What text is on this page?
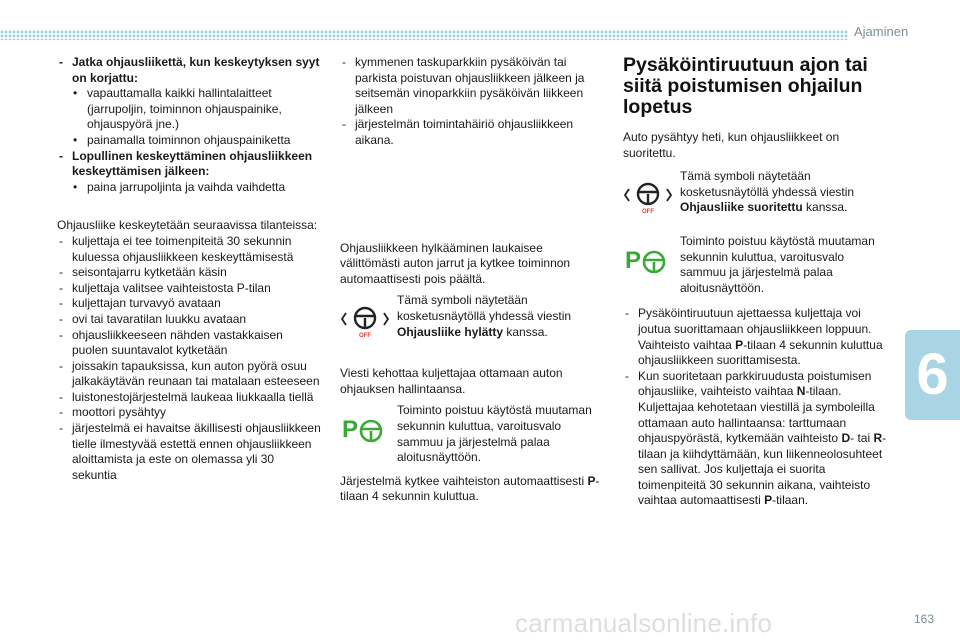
Ajaminen
6
- Jatka ohjausliikettä, kun keskeytyksen syyt on korjattu:
• vapauttamalla kaikki hallintalaitteet (jarrupoljin, toiminnon ohjauspainike, ohjauspyörä jne.)
• painamalla toiminnon ohjauspainiketta
- Lopullinen keskeyttäminen ohjausliikkeen keskeyttämisen jälkeen:
• paina jarrupoljinta ja vaihda vaihdetta
Ohjausliike keskeytetään seuraavissa tilanteissa:
- kuljettaja ei tee toimenpiteitä 30 sekunnin kuluessa ohjausliikkeen keskeyttämisestä
- seisontajarru kytketään käsin
- kuljettaja valitsee vaihteistosta P-tilan
- kuljettajan turvavyö avataan
- ovi tai tavaratilan luukku avataan
- ohjausliikkeeseen nähden vastakkaisen puolen suuntavalot kytketään
- joissakin tapauksissa, kun auton pyörä osuu jalkakäytävän reunaan tai matalaan esteeseen
- luistonestojärjestelmä laukeaa liukkaalla tiellä
- moottori pysähtyy
- järjestelmä ei havaitse äkillisesti ohjausliikkeen tielle ilmestyvää estettä ennen ohjausliikkeen aloittamista ja este on olemassa yli 30 sekuntia
- kymmenen taskuparkkiin pysäköivän tai parkista poistuvan ohjausliikkeen jälkeen ja seitsemän vinoparkkiin pysäköivän liikkeen jälkeen
- järjestelmän toimintahäiriö ohjausliikkeen aikana.
Ohjausliikkeen hylkääminen laukaisee välittömästi auton jarrut ja kytkee toiminnon automaattisesti pois päältä.
OFF
Tämä symboli näytetään kosketusnäytöllä yhdessä viestin Ohjausliike hylätty kanssa.
Viesti kehottaa kuljettajaa ottamaan auton ohjauksen hallintaansa.
P
Toiminto poistuu käytöstä muutaman sekunnin kuluttua, varoitusvalo sammuu ja järjestelmä palaa aloitusnäyttöön.
Järjestelmä kytkee vaihteiston automaattisesti P-tilaan 4 sekunnin kuluttua.
Pysäköintiruutuun ajon tai siitä poistumisen ohjailun lopetus
Auto pysähtyy heti, kun ohjausliikkeet on suoritettu.
OFF
Tämä symboli näytetään kosketusnäytöllä yhdessä viestin Ohjausliike suoritettu kanssa.
P
Toiminto poistuu käytöstä muutaman sekunnin kuluttua, varoitusvalo sammuu ja järjestelmä palaa aloitusnäyttöön.
- Pysäköintiruutuun ajettaessa kuljettaja voi joutua suorittamaan ohjausliikkeen loppuun. Vaihteisto vaihtaa P-tilaan 4 sekunnin kuluttua ohjausliikkeen suorittamisesta.
- Kun suoritetaan parkkiruudusta poistumisen ohjausliike, vaihteisto vaihtaa N-tilaan. Kuljettajaa kehotetaan viestillä ja symboleilla ottamaan auto hallintaansa: tarttumaan ohjauspyörästä, kytkemään vaihteisto D- tai R-tilaan ja kiihdyttämään, kun liikenneolosuhteet sen sallivat. Jos kuljettaja ei suorita toimenpiteitä 30 sekunnin aikana, vaihteisto vaihtaa automaattisesti P-tilaan.
carmanualsonline.info	163
